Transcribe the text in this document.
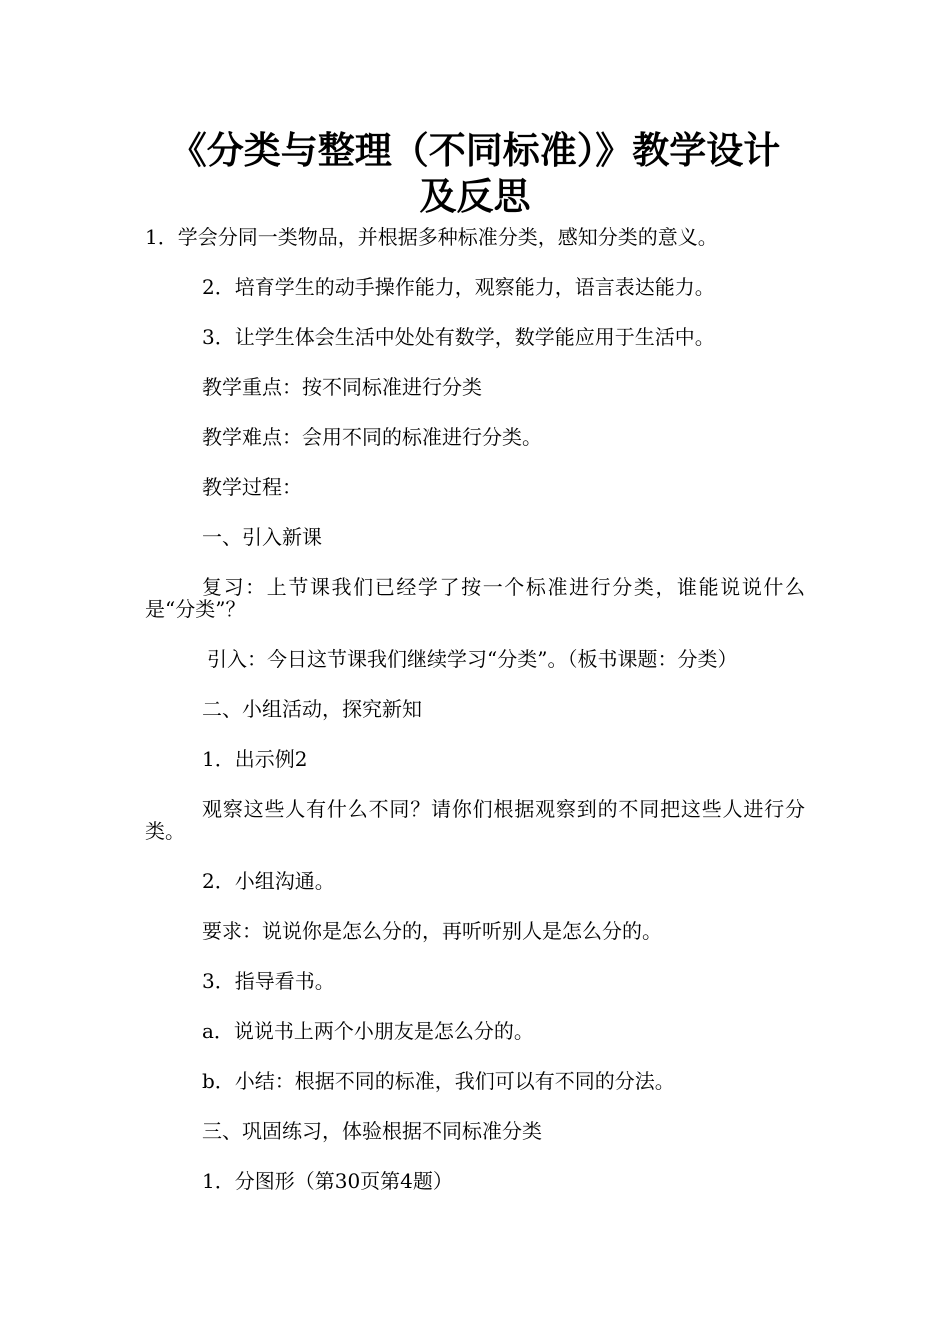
《分类与整理（不同标准）》教学设计
及反思

1．学会分同一类物品，并根据多种标准分类，感知分类的意义。

2．培育学生的动手操作能力，观察能力，语言表达能力。

3．让学生体会生活中处处有数学，数学能应用于生活中。

教学重点：按不同标准进行分类

教学难点：会用不同的标准进行分类。

教学过程：

一、引入新课

复习：上节课我们已经学了按一个标准进行分类，谁能说说什么是“分类”？

引入：今日这节课我们继续学习“分类”。（板书课题：分类）

二、小组活动，探究新知

1．出示例2

观察这些人有什么不同？请你们根据观察到的不同把这些人进行分类。

2．小组沟通。

要求：说说你是怎么分的，再听听别人是怎么分的。

3．指导看书。

a．说说书上两个小朋友是怎么分的。

b．小结：根据不同的标准，我们可以有不同的分法。

三、巩固练习，体验根据不同标准分类

1．分图形（第30页第4题）
